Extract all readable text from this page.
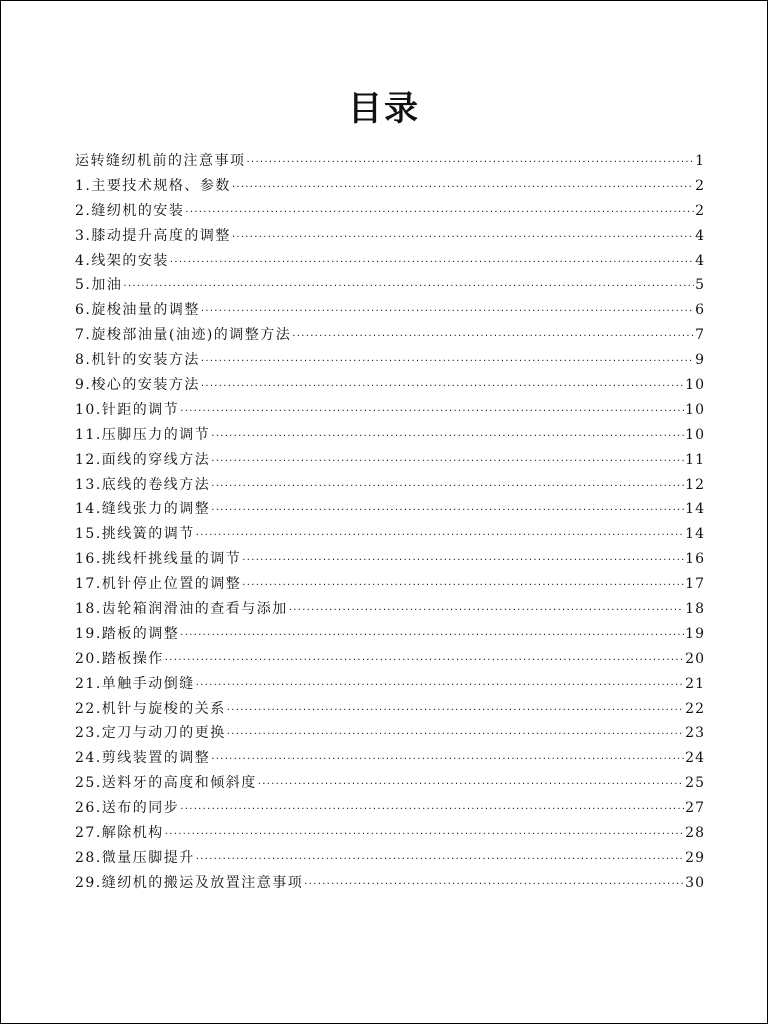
目录
运转缝纫机前的注意事项 ·····	1
1.主要技术规格、参数 ·····	2
2.缝纫机的安装 ·····	2
3.膝动提升高度的调整 ·····	4
4.线架的安装 ·····	4
5.加油 ·····	5
6.旋梭油量的调整 ·····	6
7.旋梭部油量(油迹)的调整方法 ·····	7
8.机针的安装方法 ·····	9
9.梭心的安装方法 ·····	10
10.针距的调节 ·····	10
11.压脚压力的调节 ·····	10
12.面线的穿线方法 ·····	11
13.底线的卷线方法 ·····	12
14.缝线张力的调整 ·····	14
15.挑线簧的调节 ·····	14
16.挑线杆挑线量的调节 ·····	16
17.机针停止位置的调整 ·····	17
18.齿轮箱润滑油的查看与添加 ·····	18
19.踏板的调整 ·····	19
20.踏板操作 ·····	20
21.单触手动倒缝 ·····	21
22.机针与旋梭的关系 ·····	22
23.定刀与动刀的更换 ·····	23
24.剪线装置的调整 ·····	24
25.送料牙的高度和倾斜度 ·····	25
26.送布的同步 ·····	27
27.解除机构 ·····	28
28.微量压脚提升 ·····	29
29.缝纫机的搬运及放置注意事项 ·····	30
